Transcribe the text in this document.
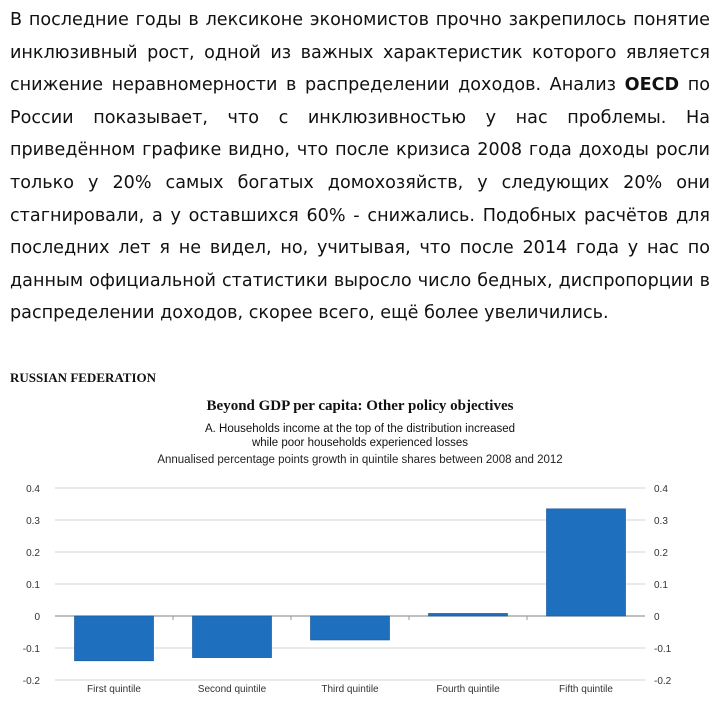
В последние годы в лексиконе экономистов прочно закрепилось понятие инклюзивный рост, одной из важных характеристик которого является снижение неравномерности в распределении доходов. Анализ OECD по России показывает, что с инклюзивностью у нас проблемы. На приведённом графике видно, что после кризиса 2008 года доходы росли только у 20% самых богатых домохозяйств, у следующих 20% они стагнировали, а у оставшихся 60% - снижались. Подобных расчётов для последних лет я не видел, но, учитывая, что после 2014 года у нас по данным официальной статистики выросло число бедных, диспропорции в распределении доходов, скорее всего, ещё более увеличились.

RUSSIAN FEDERATION
Beyond GDP per capita: Other policy objectives
A. Households income at the top of the distribution increased
while poor households experienced losses
Annualised percentage points growth in quintile shares between 2008 and 2012
0.4
0.3
0.2
0.1
0
-0.1
-0.2
0.4
0.3
0.2
0.1
0
-0.1
-0.2
First quintile	Second quintile	Third quintile	Fourth quintile	Fifth quintile
